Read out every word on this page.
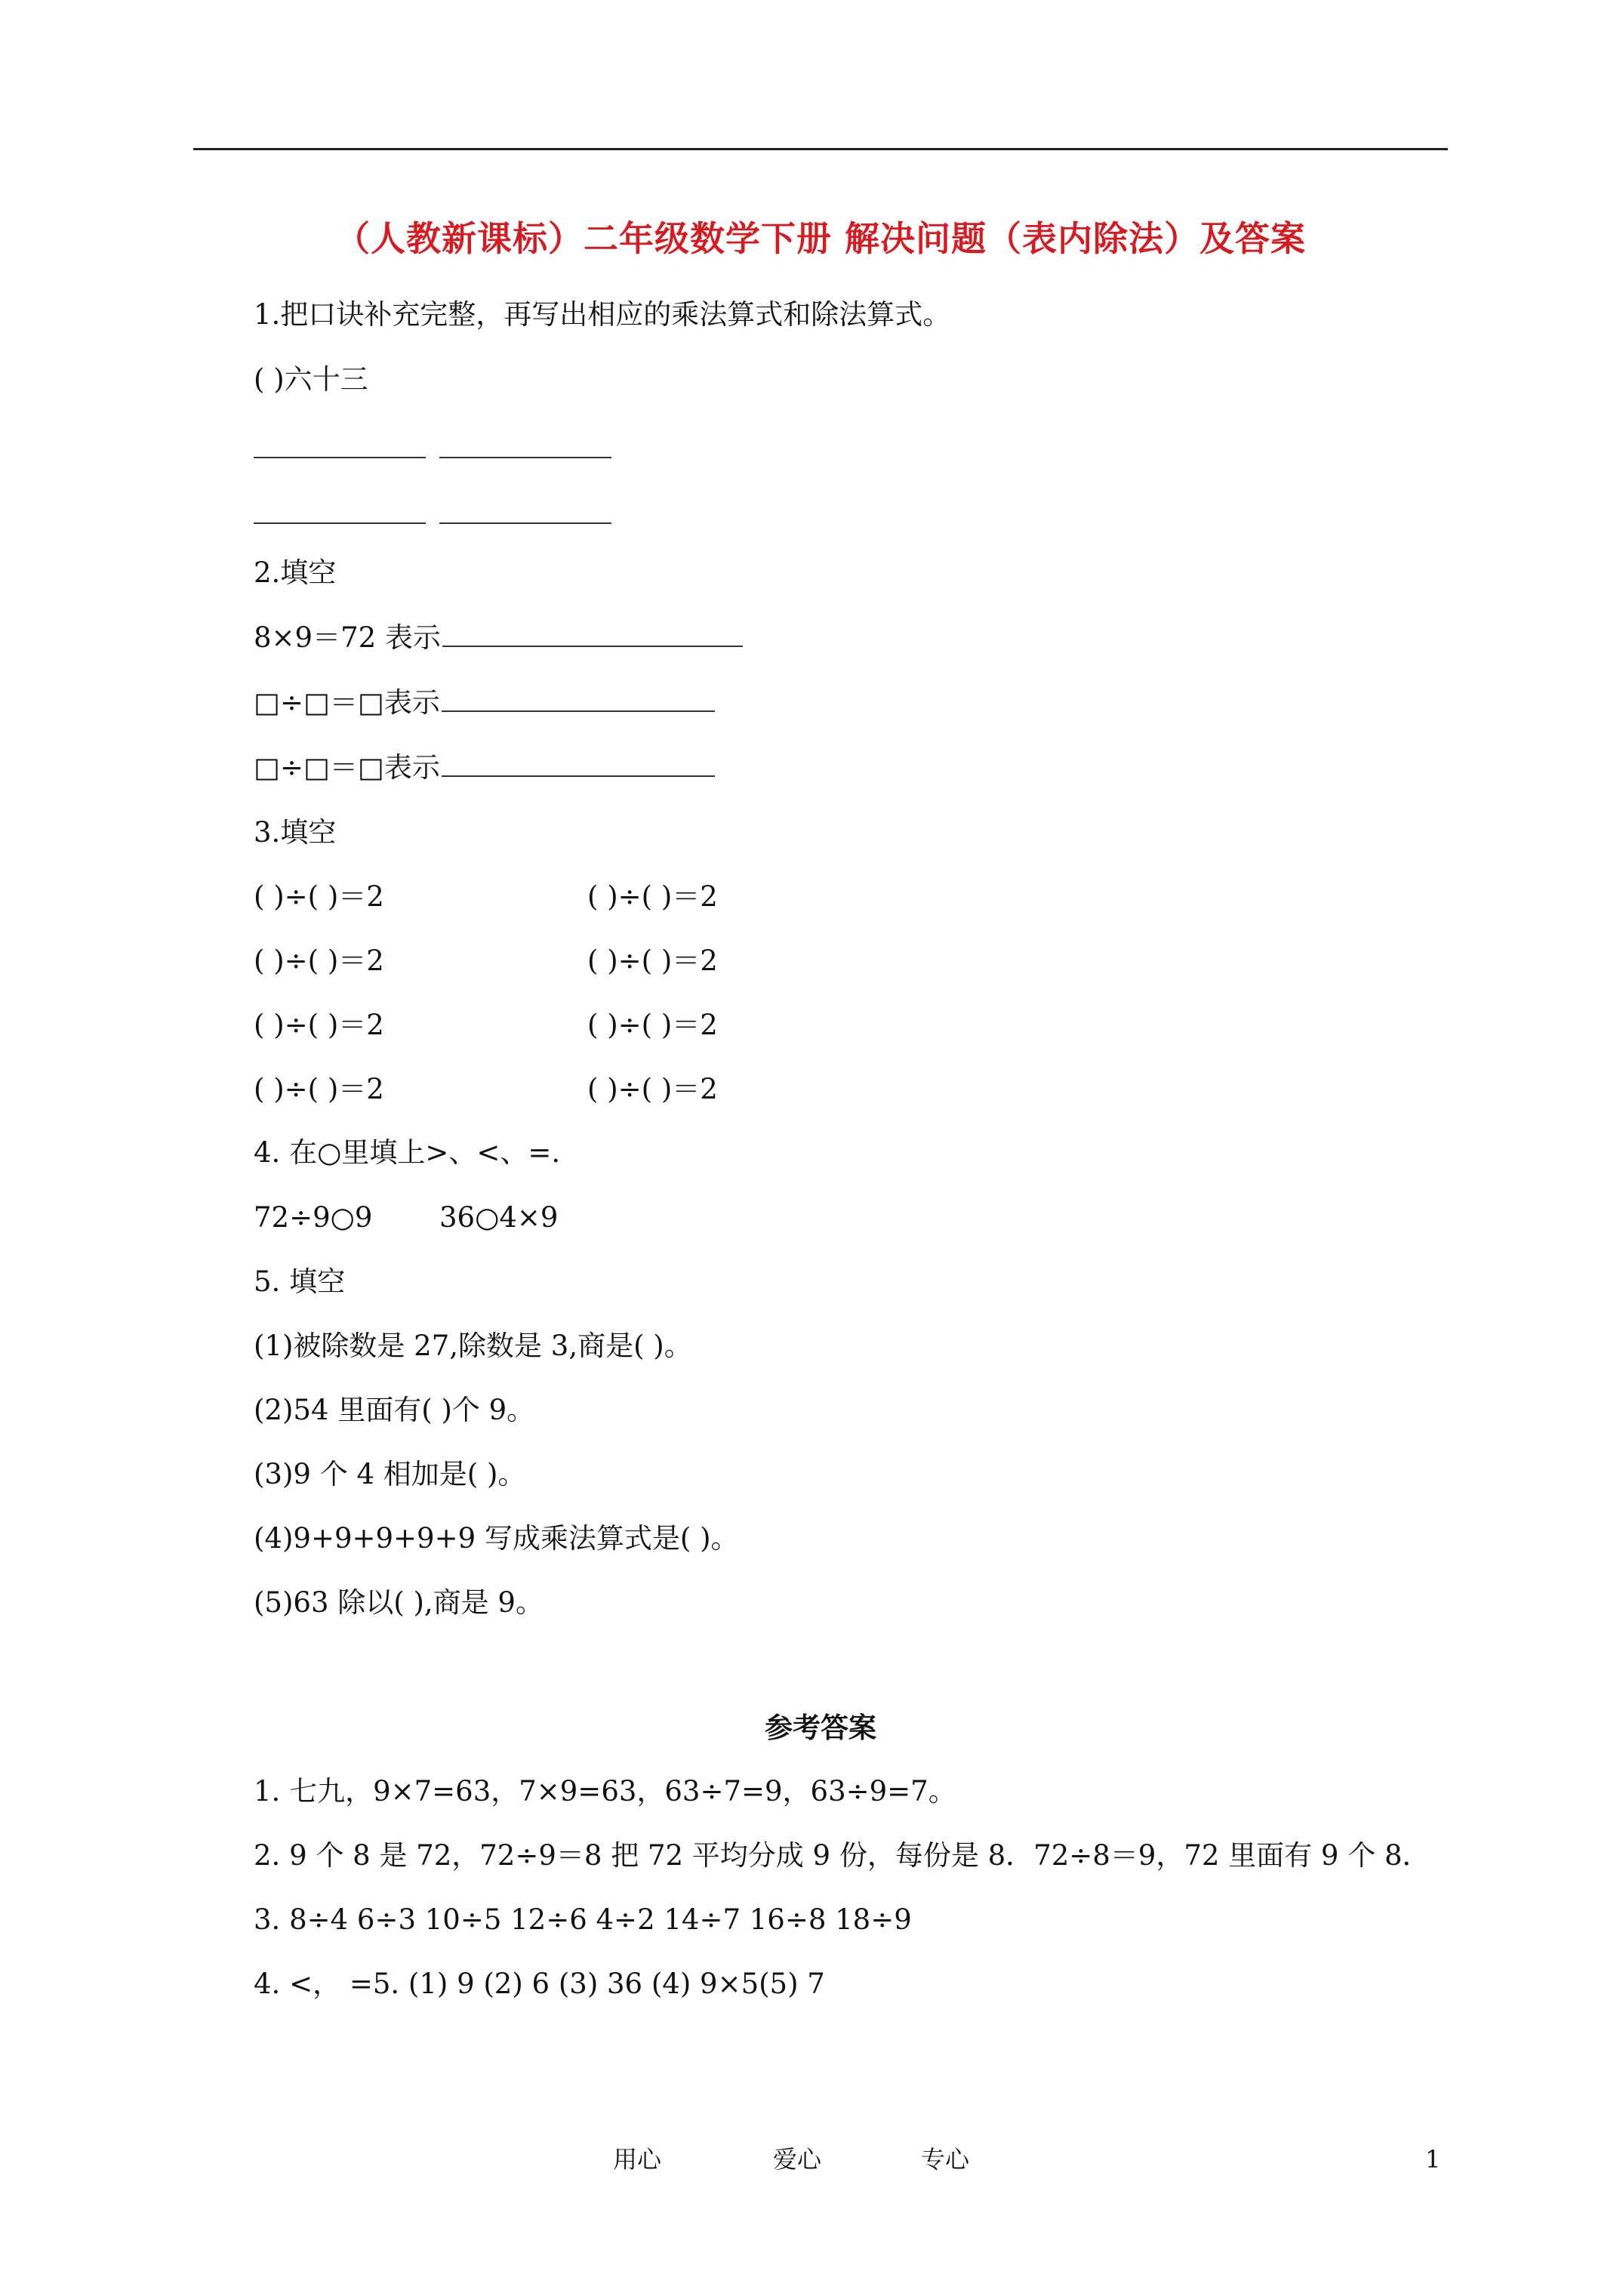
（人教新课标）二年级数学下册 解决问题（表内除法）及答案
1.把口诀补充完整，再写出相应的乘法算式和除法算式。
( )六十三
2.填空
8×9＝72 表示
□÷□＝□表示
□÷□＝□表示
3.填空
( )÷( )＝2	( )÷( )＝2
( )÷( )＝2	( )÷( )＝2
( )÷( )＝2	( )÷( )＝2
( )÷( )＝2	( )÷( )＝2
4. 在○里填上>、<、=.
72÷9○9 36○4×9
5. 填空
(1)被除数是 27,除数是 3,商是( )。
(2)54 里面有( )个 9。
(3)9 个 4 相加是( )。
(4)9+9+9+9+9 写成乘法算式是( )。
(5)63 除以( ),商是 9。
参考答案
1. 七九，9×7=63，7×9=63，63÷7=9，63÷9=7。
2. 9 个 8 是 72，72÷9＝8 把 72 平均分成 9 份，每份是 8．72÷8＝9，72 里面有 9 个 8．
3. 8÷4 6÷3 10÷5 12÷6 4÷2 14÷7 16÷8 18÷9
4. <， =5. (1) 9 (2) 6 (3) 36 (4) 9×5(5) 7
用心	爱心	专心	1
